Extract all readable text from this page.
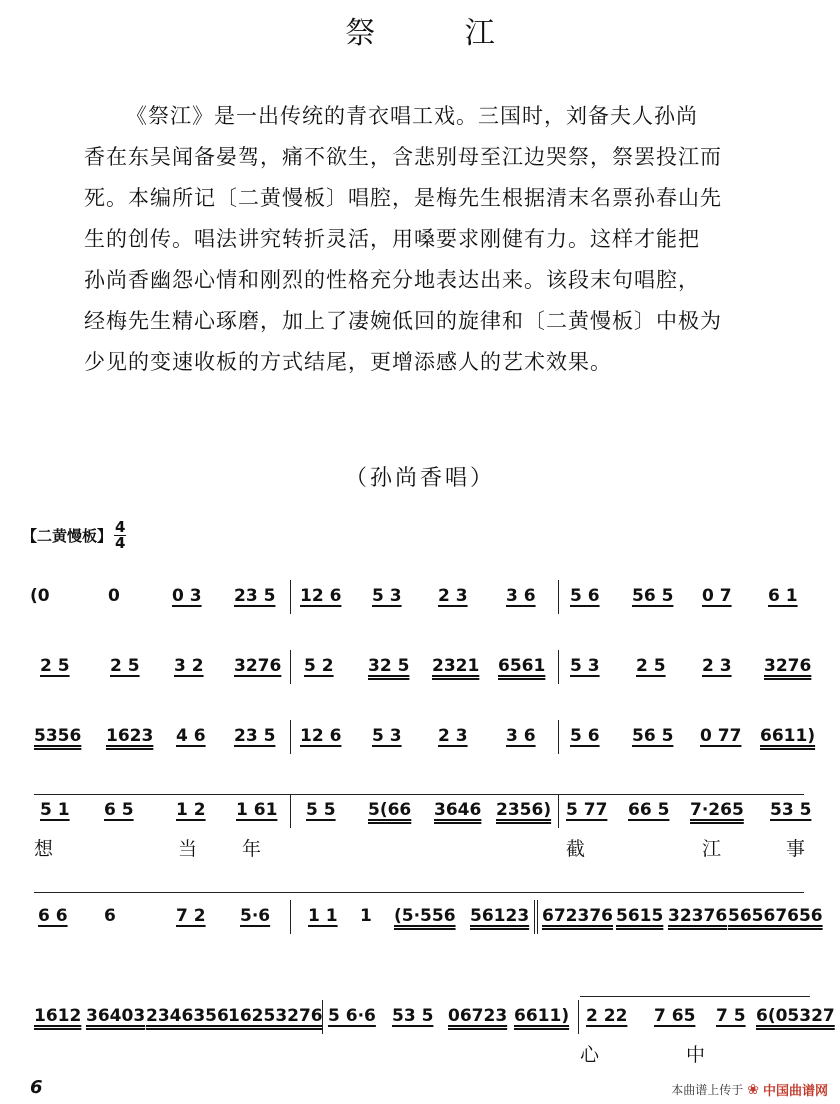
祭 江

《祭江》是一出传统的青衣唱工戏。三国时，刘备夫人孙尚

香在东吴闻备晏驾，痛不欲生，含悲别母至江边哭祭，祭罢投江而

死。本编所记〔二黄慢板〕唱腔，是梅先生根据清末名票孙春山先

生的创传。唱法讲究转折灵活，用嗓要求刚健有力。这样才能把

孙尚香幽怨心情和刚烈的性格充分地表达出来。该段末句唱腔，

经梅先生精心琢磨，加上了凄婉低回的旋律和〔二黄慢板〕中极为

少见的变速收板的方式结尾，更增添感人的艺术效果。

（孙尚香唱）
【二黄慢板】 4
4
(0	0	0 3 23 5 12 6 5 3 2 3 3 6 5 6 56 5 0 7 6 1
2 5 2 5 3 2 3276 5 2 32 5 2321 6561 5 3 2 5 2 3 3276
5356 1623 4 6 23 5 12 6 5 3 2 3 3 6 5 6 56 5 0 77 6611)
5 1 6 5 1 2 1 61 5 5 5(66 3646 2356) 5 77 66 5 7·265 53 5
想	当 年	截	江	事
6 6 6	7 2 5·6 1 1 1 (5·556 56123 672376 5615 32376 56567656
1612 36403 2346356 16253276 5 6·6 53 5 06723 6611) 2 22 7 65 7 5 6(05327
心	中
6	本曲谱上传于 ❀ 中国曲谱网
